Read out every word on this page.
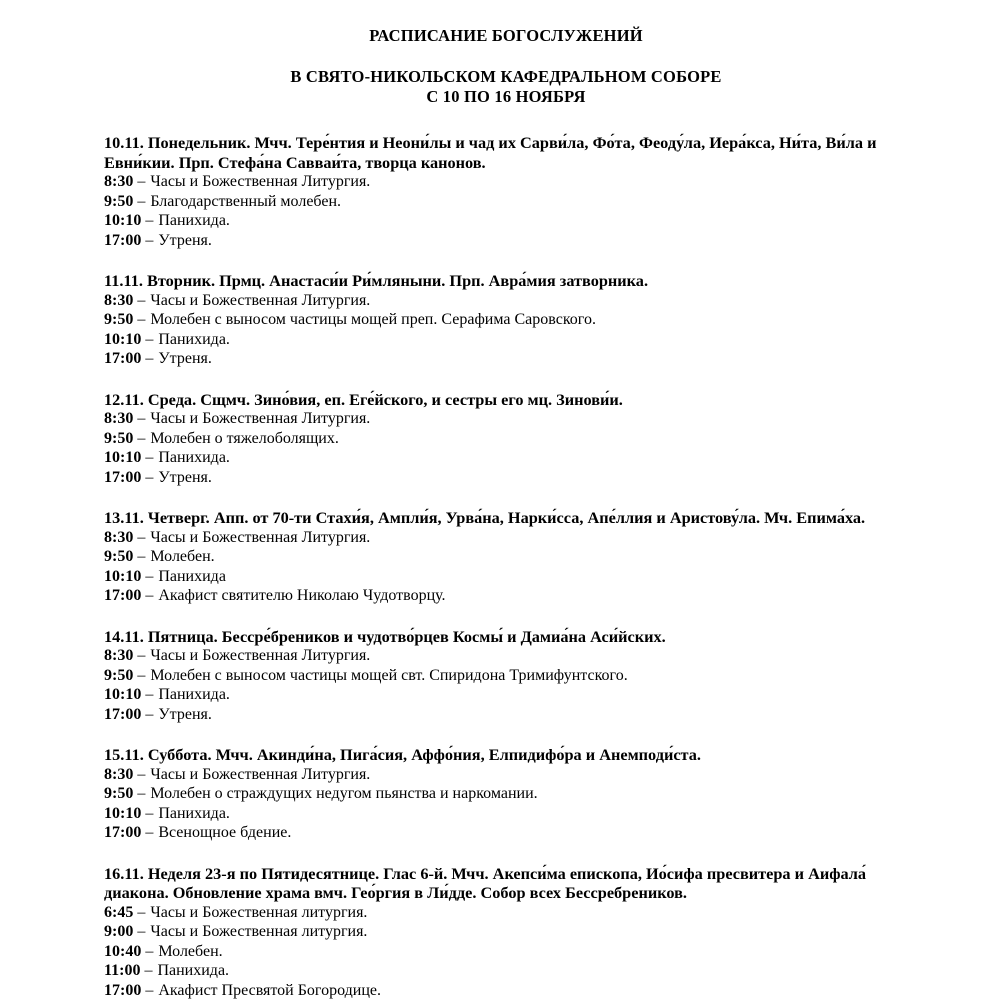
РАСПИСАНИЕ БОГОСЛУЖЕНИЙ
В СВЯТО-НИКОЛЬСКОМ КАФЕДРАЛЬНОМ СОБОРЕ
С 10 ПО 16 НОЯБРЯ
10.11. Понедельник. Мчч. Тере́нтия и Неони́лы и чад их Сарви́ла, Фо́та, Феоду́ла, Иера́кса, Ни́та, Ви́ла и Евни́кии. Прп. Стефа́на Савваи́та, творца канонов.
8:30 – Часы и Божественная Литургия.
9:50 – Благодарственный молебен.
10:10 – Панихида.
17:00 – Утреня.
11.11. Вторник. Прмц. Анастаси́и Ри́мляныни. Прп. Авра́мия затворника.
8:30 – Часы и Божественная Литургия.
9:50 – Молебен с выносом частицы мощей преп. Серафима Саровского.
10:10 – Панихида.
17:00 – Утреня.
12.11. Среда. Сщмч. Зино́вия, еп. Еге́йского, и сестры его мц. Зинови́и.
8:30 – Часы и Божественная Литургия.
9:50 – Молебен о тяжелоболящих.
10:10 – Панихида.
17:00 – Утреня.
13.11. Четверг. Апп. от 70-ти Стахи́я, Ампли́я, Урва́на, Нарки́сса, Апе́ллия и Аристову́ла. Мч. Епима́ха.
8:30 – Часы и Божественная Литургия.
9:50 – Молебен.
10:10 – Панихида
17:00 – Акафист святителю Николаю Чудотворцу.
14.11. Пятница. Бессре́бреников и чудотво́рцев Космы́ и Дамиа́на Аси́йских.
8:30 – Часы и Божественная Литургия.
9:50 – Молебен с выносом частицы мощей свт. Спиридона Тримифунтского.
10:10 – Панихида.
17:00 – Утреня.
15.11. Суббота. Мчч. Акинди́на, Пига́сия, Аффо́ния, Елпидифо́ра и Анемподи́ста.
8:30 – Часы и Божественная Литургия.
9:50 – Молебен о страждущих недугом пьянства и наркомании.
10:10 – Панихида.
17:00 – Всенощное бдение.
16.11. Неделя 23-я по Пятидесятнице. Глас 6-й. Мчч. Акепси́ма епископа, Ио́сифа пресвитера и Аифала́ диакона. Обновление храма вмч. Гео́ргия в Ли́дде. Собор всех Бессребреников.
6:45 – Часы и Божественная литургия.
9:00 – Часы и Божественная литургия.
10:40 – Молебен.
11:00 – Панихида.
17:00 – Акафист Пресвятой Богородице.
